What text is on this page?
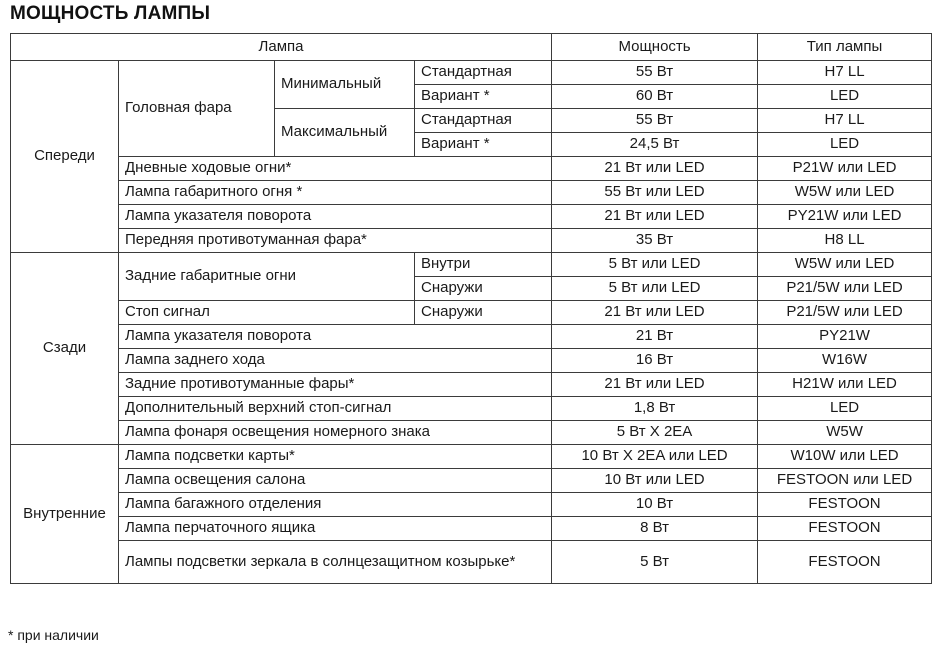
МОЩНОСТЬ ЛАМПЫ
Лампа				Мощность	Тип лампы
Спереди	Головная фара	Минимальный	Стандартная	55 Вт	H7 LL
			Вариант *	60 Вт	LED
		Максимальный	Стандартная	55 Вт	H7 LL
			Вариант *	24,5 Вт	LED
	Дневные ходовые огни*			21 Вт или LED	P21W или LED
	Лампа габаритного огня *			55 Вт или LED	W5W или LED
	Лампа указателя поворота			21 Вт или LED	PY21W или LED
	Передняя противотуманная фара*			35 Вт	H8 LL
Сзади	Задние габаритные огни		Внутри	5 Вт или LED	W5W или LED
			Снаружи	5 Вт или LED	P21/5W или LED
	Стоп сигнал		Снаружи	21 Вт или LED	P21/5W или LED
	Лампа указателя поворота			21 Вт	PY21W
	Лампа заднего хода			16 Вт	W16W
	Задние противотуманные фары*			21 Вт или LED	H21W или LED
	Дополнительный верхний стоп-сигнал			1,8 Вт	LED
	Лампа фонаря освещения номерного знака			5 Вт X 2EA	W5W
Внутренние	Лампа подсветки карты*			10 Вт X 2EA или LED	W10W или LED
	Лампа освещения салона			10 Вт или LED	FESTOON или LED
	Лампа багажного отделения			10 Вт	FESTOON
	Лампа перчаточного ящика			8 Вт	FESTOON
	Лампы подсветки зеркала в солнцезащитном козырьке*			5 Вт	FESTOON
* при наличии
